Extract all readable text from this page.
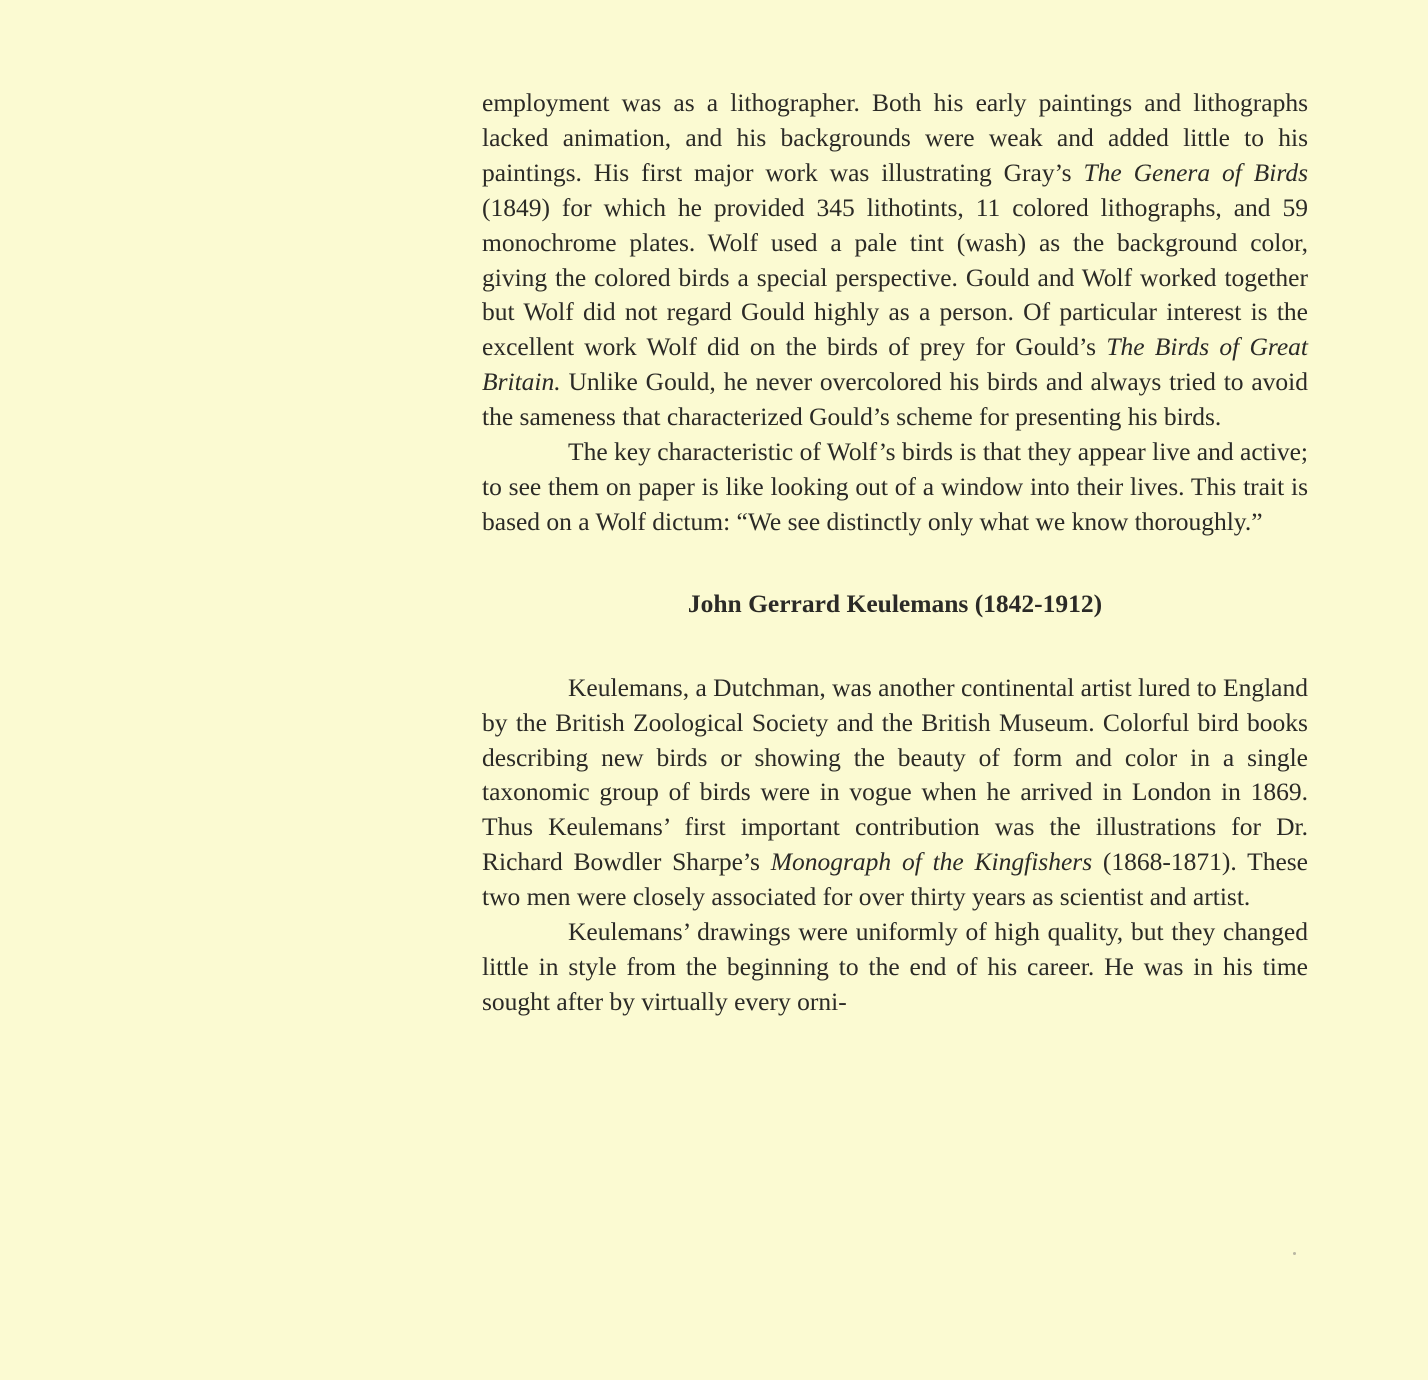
employment was as a lithographer. Both his early paintings and lithographs lacked animation, and his backgrounds were weak and added little to his paintings. His first major work was illustrating Gray’s The Genera of Birds (1849) for which he provided 345 lithotints, 11 colored lithographs, and 59 monochrome plates. Wolf used a pale tint (wash) as the background color, giving the colored birds a special perspective. Gould and Wolf worked together but Wolf did not regard Gould highly as a person. Of particular interest is the excellent work Wolf did on the birds of prey for Gould’s The Birds of Great Britain. Unlike Gould, he never overcolored his birds and always tried to avoid the sameness that characterized Gould’s scheme for presenting his birds.

The key characteristic of Wolf’s birds is that they appear live and active; to see them on paper is like looking out of a window into their lives. This trait is based on a Wolf dictum: “We see distinctly only what we know thoroughly.”

John Gerrard Keulemans (1842-1912)

Keulemans, a Dutchman, was another continental artist lured to England by the British Zoological Society and the British Museum. Colorful bird books describing new birds or showing the beauty of form and color in a single taxonomic group of birds were in vogue when he arrived in London in 1869. Thus Keulemans’ first important contribution was the illustrations for Dr. Richard Bowdler Sharpe’s Monograph of the Kingfishers (1868-1871). These two men were closely associated for over thirty years as scientist and artist.

Keulemans’ drawings were uniformly of high quality, but they changed little in style from the beginning to the end of his career. He was in his time sought after by virtually every orni-
